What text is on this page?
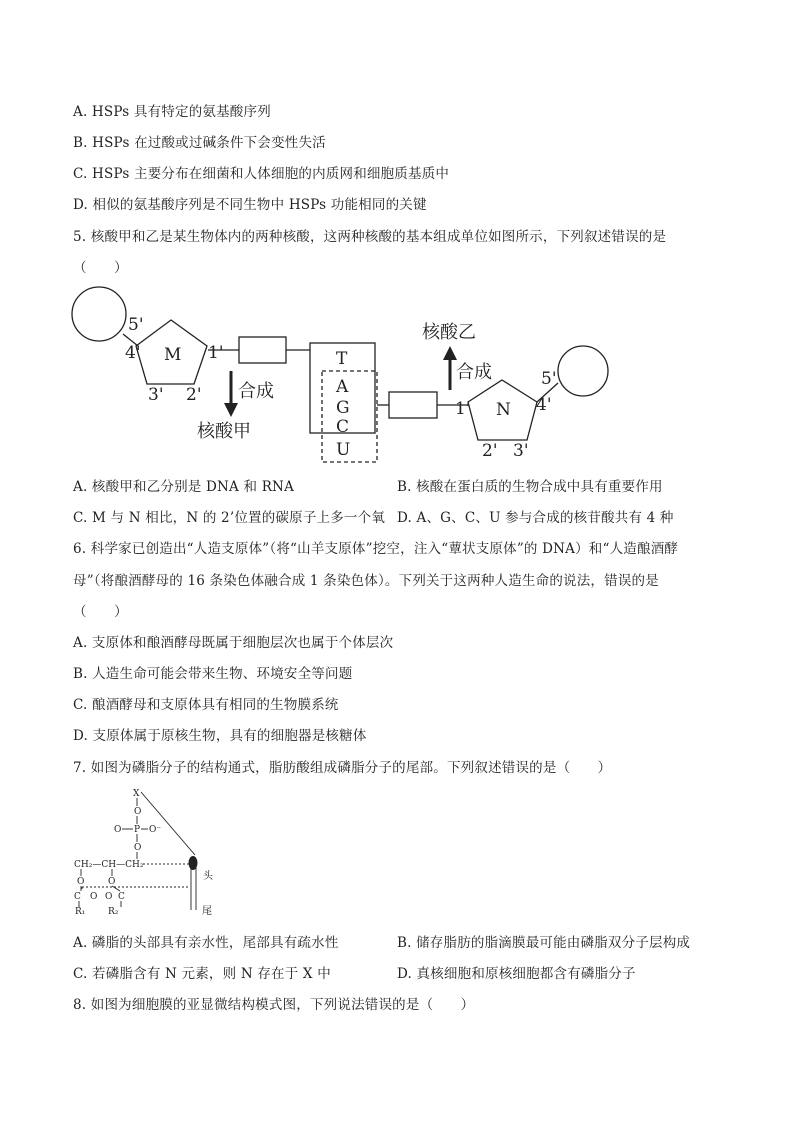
A. HSPs 具有特定的氨基酸序列
B. HSPs 在过酸或过碱条件下会变性失活
C. HSPs 主要分布在细菌和人体细胞的内质网和细胞质基质中
D. 相似的氨基酸序列是不同生物中 HSPs 功能相同的关键
5. 核酸甲和乙是某生物体内的两种核酸，这两种核酸的基本组成单位如图所示，下列叙述错误的是
（　　）
5'
4'
3' 2'
1'
M	T
A
G
C
U
N
1'
5'
4'
2' 3'
合成
核酸甲
合成
核酸乙
A. 核酸甲和乙分别是 DNA 和 RNA	B. 核酸在蛋白质的生物合成中具有重要作用
C. M 与 N 相比，N 的 2’位置的碳原子上多一个氧 D. A、G、C、U 参与合成的核苷酸共有 4 种
6. 科学家已创造出“人造支原体”（将“山羊支原体”挖空，注入“蕈状支原体”的 DNA）和“人造酿酒酵
母”（将酿酒酵母的 16 条染色体融合成 1 条染色体）。下列关于这两种人造生命的说法，错误的是
（　　）
A. 支原体和酿酒酵母既属于细胞层次也属于个体层次
B. 人造生命可能会带来生物、环境安全等问题
C. 酿酒酵母和支原体具有相同的生物膜系统
D. 支原体属于原核生物，具有的细胞器是核糖体
7. 如图为磷脂分子的结构通式，脂肪酸组成磷脂分子的尾部。下列叙述错误的是（　　）
X
O
O P O⁻
O
CH₂—CH—CH₂
O	O
C O O C
R₁	R₂
头
尾
A. 磷脂的头部具有亲水性，尾部具有疏水性	B. 储存脂肪的脂滴膜最可能由磷脂双分子层构成
C. 若磷脂含有 N 元素，则 N 存在于 X 中	D. 真核细胞和原核细胞都含有磷脂分子
8. 如图为细胞膜的亚显微结构模式图，下列说法错误的是（　　）
